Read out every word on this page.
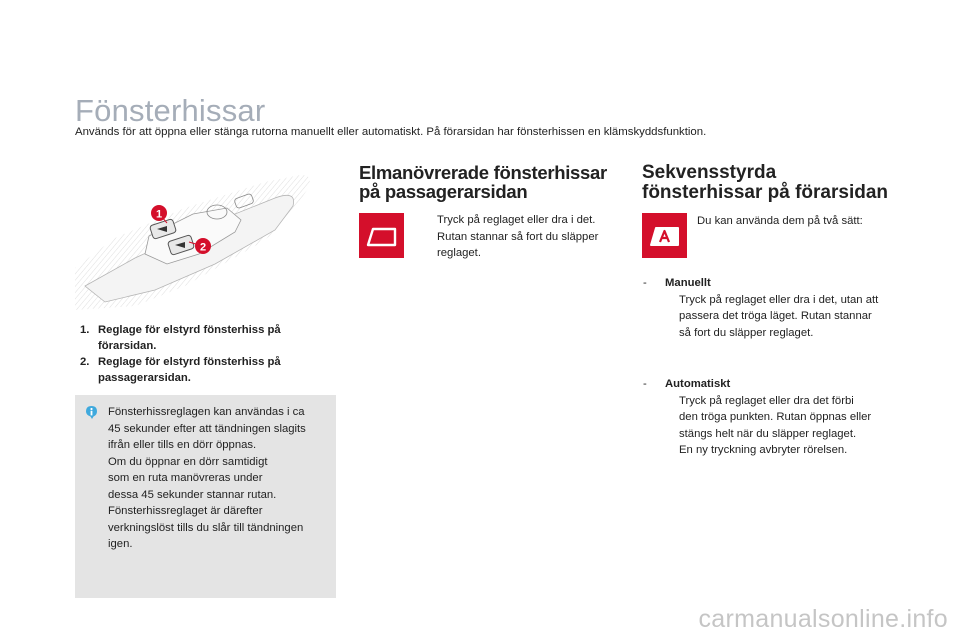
Fönsterhissar
Används för att öppna eller stänga rutorna manuellt eller automatiskt. På förarsidan har fönsterhissen en klämskyddsfunktion.
1
2
1. Reglage för elstyrd fönsterhiss på
förarsidan.
2. Reglage för elstyrd fönsterhiss på
passagerarsidan.
Fönsterhissreglagen kan användas i ca
45 sekunder efter att tändningen slagits
ifrån eller tills en dörr öppnas.
Om du öppnar en dörr samtidigt
som en ruta manövreras under
dessa 45 sekunder stannar rutan.
Fönsterhissreglaget är därefter
verkningslöst tills du slår till tändningen
igen.
Elmanövrerade fönsterhissar
på passagerarsidan
Tryck på reglaget eller dra i det.
Rutan stannar så fort du släpper
reglaget.
Sekvensstyrda
fönsterhissar på förarsidan
Du kan använda dem på två sätt:
-	Manuellt
Tryck på reglaget eller dra i det, utan att
passera det tröga läget. Rutan stannar
så fort du släpper reglaget.
-	Automatiskt
Tryck på reglaget eller dra det förbi
den tröga punkten. Rutan öppnas eller
stängs helt när du släpper reglaget.
En ny tryckning avbryter rörelsen.
carmanualsonline.info
